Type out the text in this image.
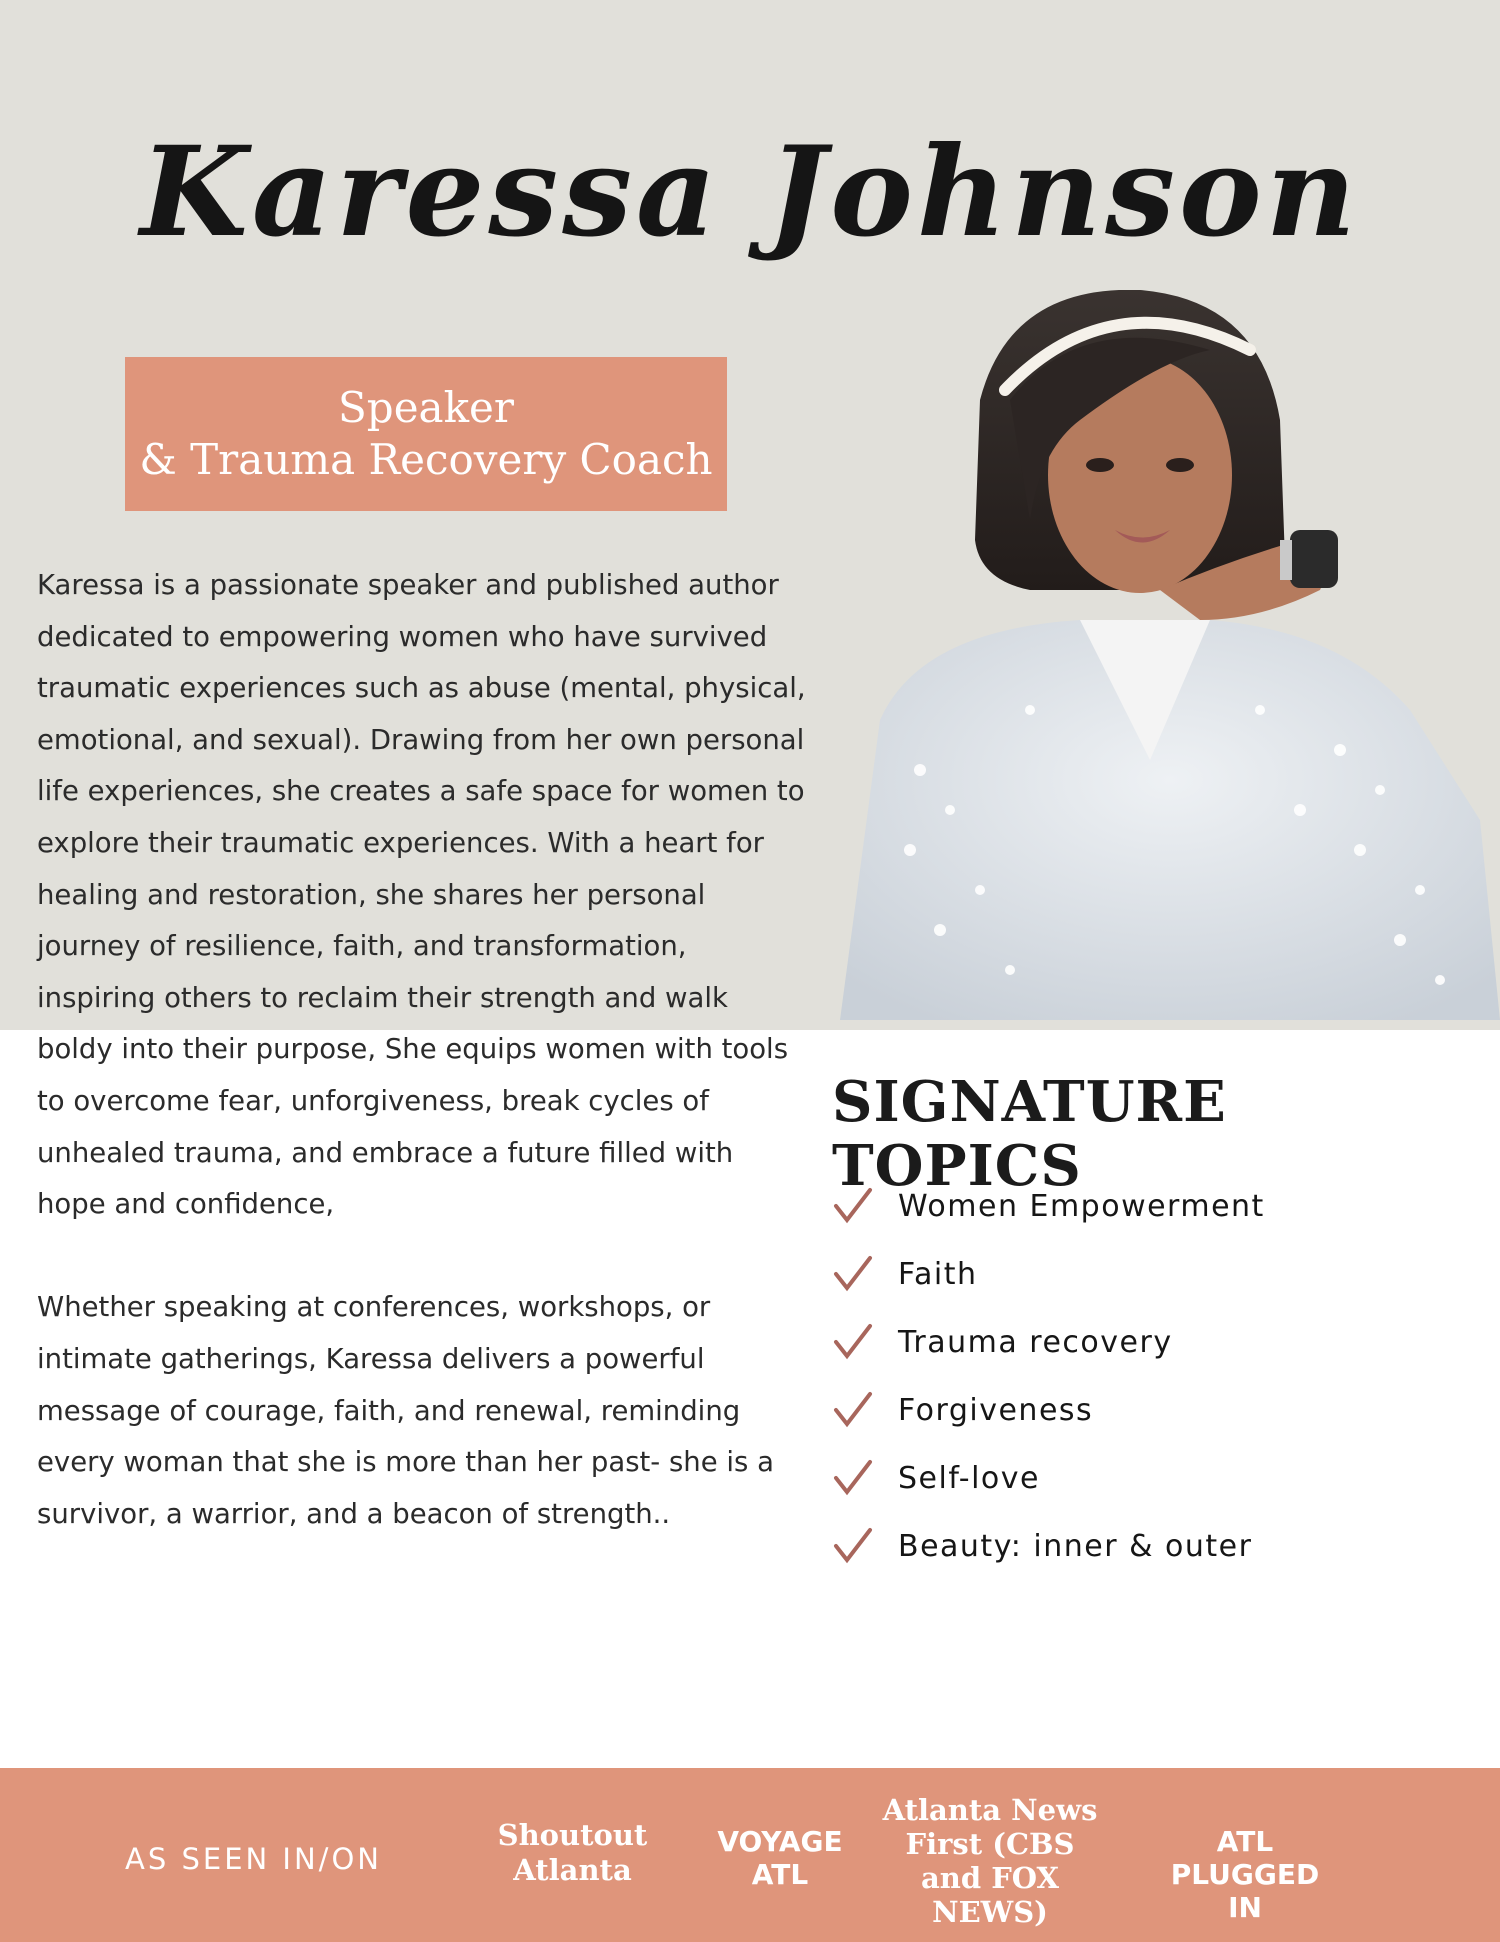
Karessa Johnson
Speaker
& Trauma Recovery Coach

Karessa is a passionate speaker and published author dedicated to empowering women who have survived traumatic experiences such as abuse (mental, physical, emotional, and sexual). Drawing from her own personal life experiences, she creates a safe space for women to explore their traumatic experiences. With a heart for healing and restoration, she shares her personal journey of resilience, faith, and transformation, inspiring others to reclaim their strength and walk boldy into their purpose, She equips women with tools to overcome fear, unforgiveness, break cycles of unhealed trauma, and embrace a future filled with hope and confidence,

Whether speaking at conferences, workshops, or intimate gatherings, Karessa delivers a powerful message of courage, faith, and renewal, reminding every woman that she is more than her past- she is a survivor, a warrior, and a beacon of strength..

SIGNATURE TOPICS
Women Empowerment
Faith
Trauma recovery
Forgiveness
Self-love
Beauty: inner & outer
AS SEEN IN/ON
Shoutout Atlanta
VOYAGE ATL
Atlanta News First (CBS and FOX NEWS)
ATL PLUGGED IN
